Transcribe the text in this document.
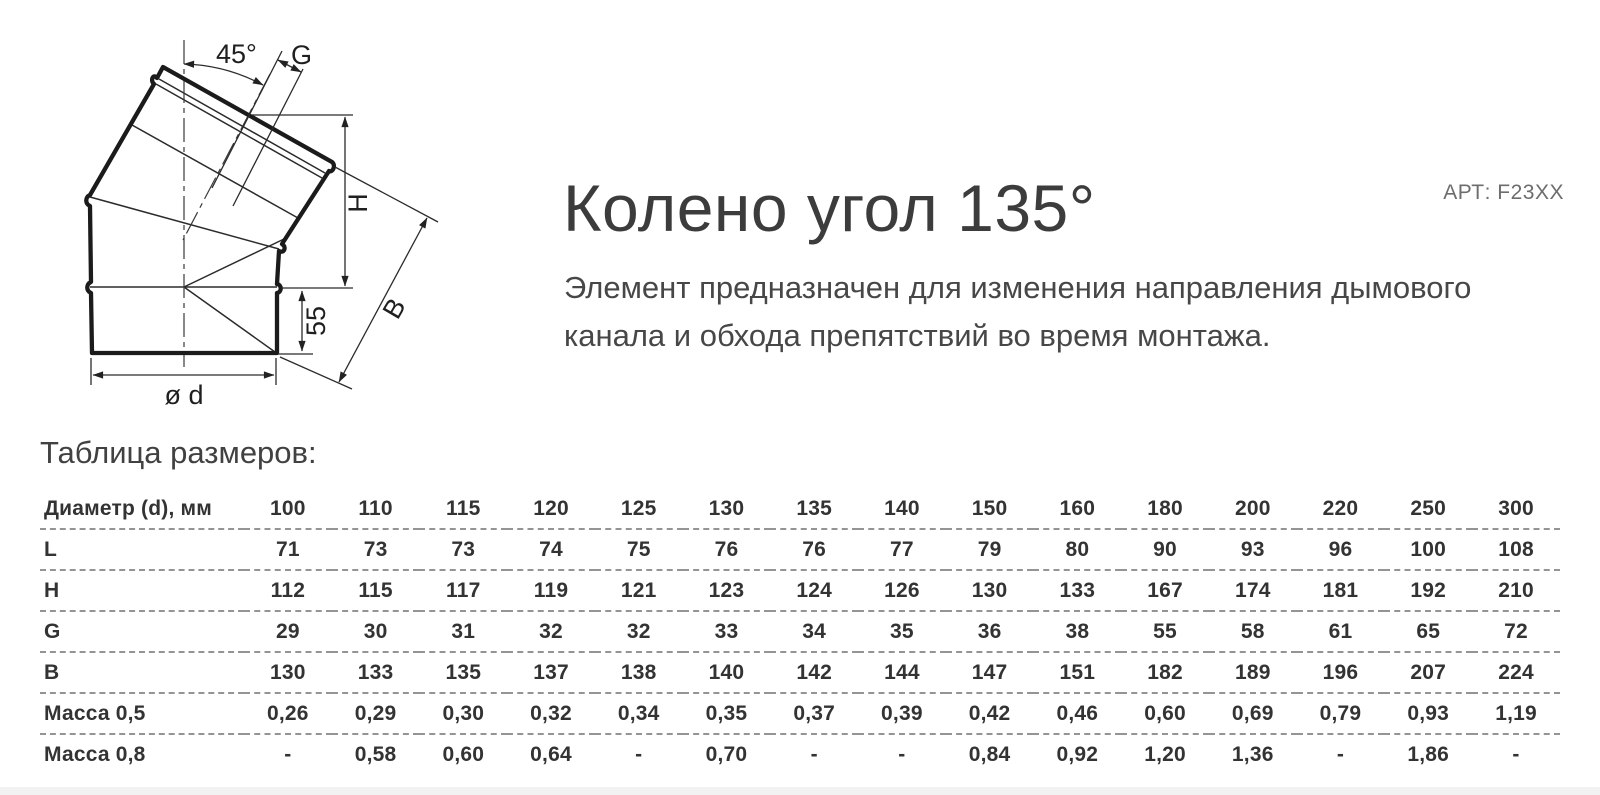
45° G
H
55 B
ø d
Колено угол 135°	АРТ: F23XX

Элемент предназначен для изменения направления дымового
канала и обхода препятствий во время монтажа.

Таблица размеров:
Диаметр (d), мм	100	110	115	120	125	130	135	140	150	160	180	200	220	250	300
L	71	73	73	74	75	76	76	77	79	80	90	93	96	100	108
H	112	115	117	119	121	123	124	126	130	133	167	174	181	192	210
G	29	30	31	32	32	33	34	35	36	38	55	58	61	65	72
B	130	133	135	137	138	140	142	144	147	151	182	189	196	207	224
Масса 0,5	0,26	0,29	0,30	0,32	0,34	0,35	0,37	0,39	0,42	0,46	0,60	0,69	0,79	0,93	1,19
Масса 0,8	-	0,58	0,60	0,64	-	0,70	-	-	0,84	0,92	1,20	1,36	-	1,86	-
